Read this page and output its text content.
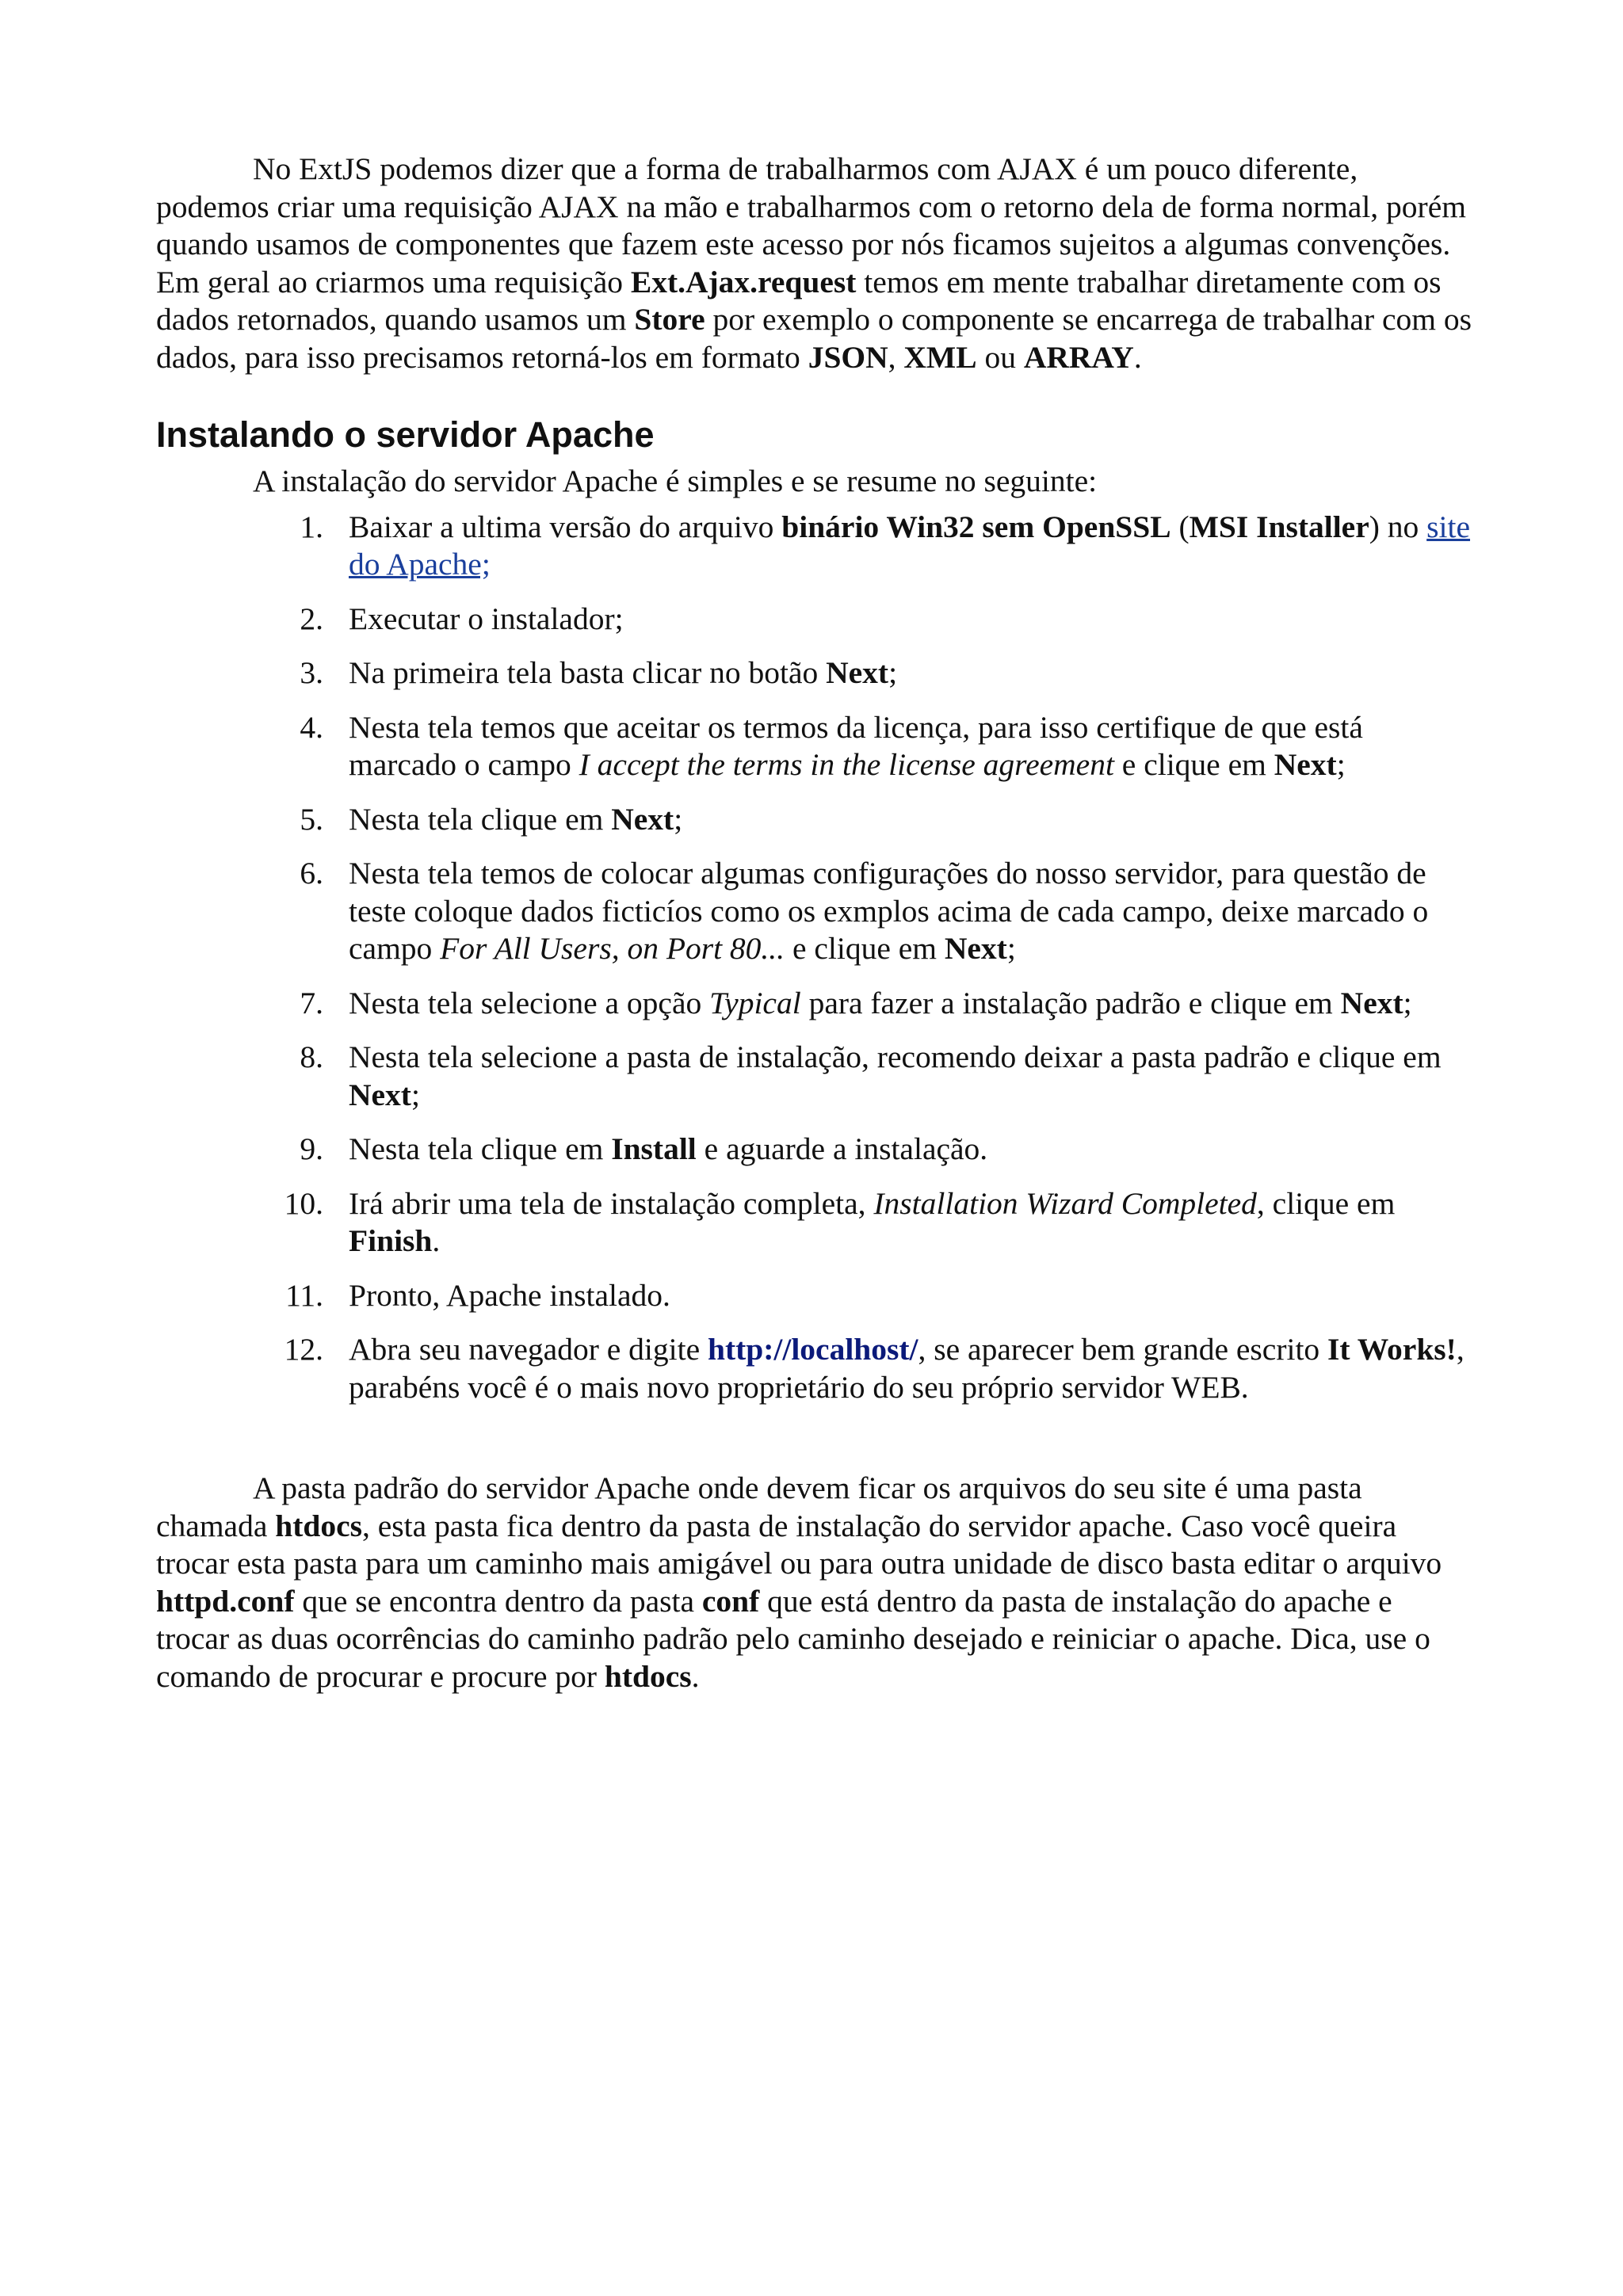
No ExtJS podemos dizer que a forma de trabalharmos com AJAX é um pouco diferente, podemos criar uma requisição AJAX na mão e trabalharmos com o retorno dela de forma normal, porém quando usamos de componentes que fazem este acesso por nós ficamos sujeitos a algumas convenções. Em geral ao criarmos uma requisição Ext.Ajax.request temos em mente trabalhar diretamente com os dados retornados, quando usamos um Store por exemplo o componente se encarrega de trabalhar com os dados, para isso precisamos retorná-los em formato JSON, XML ou ARRAY.

Instalando o servidor Apache

A instalação do servidor Apache é simples e se resume no seguinte:

1. Baixar a ultima versão do arquivo binário Win32 sem OpenSSL (MSI Installer) no site do Apache;
2. Executar o instalador;
3. Na primeira tela basta clicar no botão Next;
4. Nesta tela temos que aceitar os termos da licença, para isso certifique de que está marcado o campo I accept the terms in the license agreement e clique em Next;
5. Nesta tela clique em Next;
6. Nesta tela temos de colocar algumas configurações do nosso servidor, para questão de teste coloque dados ficticíos como os exmplos acima de cada campo, deixe marcado o campo For All Users, on Port 80... e clique em Next;
7. Nesta tela selecione a opção Typical para fazer a instalação padrão e clique em Next;
8. Nesta tela selecione a pasta de instalação, recomendo deixar a pasta padrão e clique em Next;
9. Nesta tela clique em Install e aguarde a instalação.
10. Irá abrir uma tela de instalação completa, Installation Wizard Completed, clique em Finish.
11. Pronto, Apache instalado.
12. Abra seu navegador e digite http://localhost/, se aparecer bem grande escrito It Works!, parabéns você é o mais novo proprietário do seu próprio servidor WEB.

A pasta padrão do servidor Apache onde devem ficar os arquivos do seu site é uma pasta chamada htdocs, esta pasta fica dentro da pasta de instalação do servidor apache. Caso você queira trocar esta pasta para um caminho mais amigável ou para outra unidade de disco basta editar o arquivo httpd.conf que se encontra dentro da pasta conf que está dentro da pasta de instalação do apache e trocar as duas ocorrências do caminho padrão pelo caminho desejado e reiniciar o apache. Dica, use o comando de procurar e procure por htdocs.
